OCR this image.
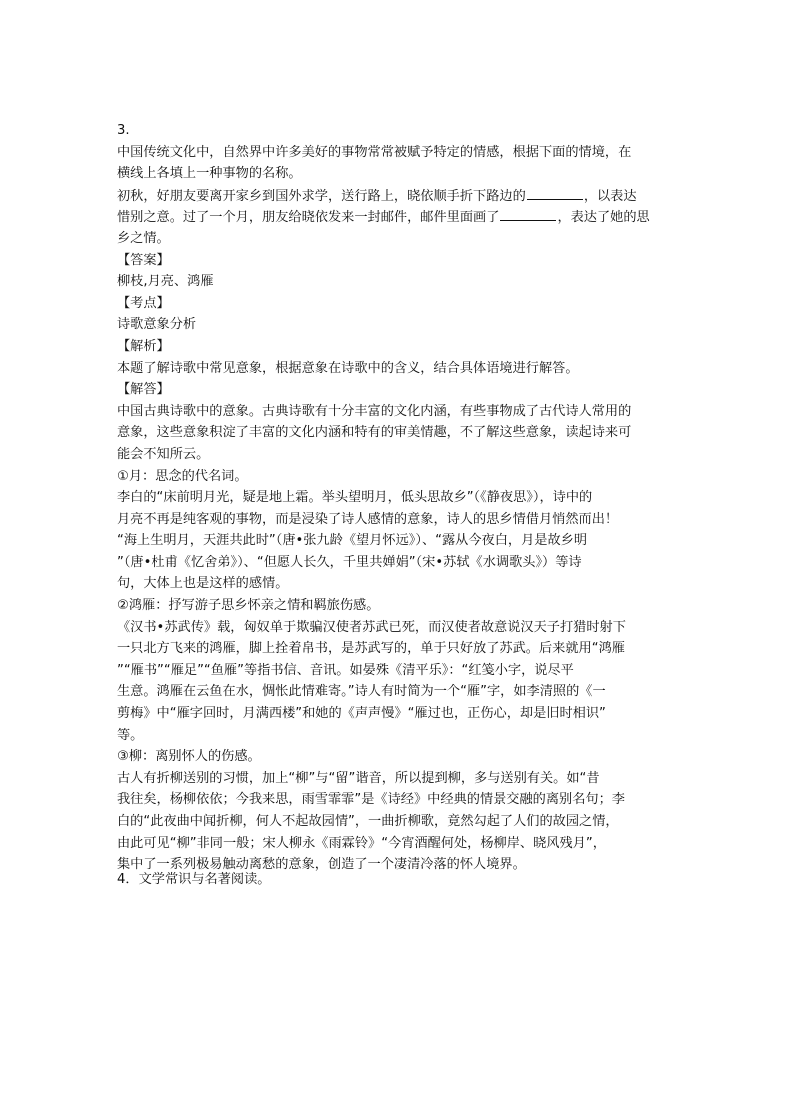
3.
中国传统文化中，自然界中许多美好的事物常常被赋予特定的情感，根据下面的情境，在
横线上各填上一种事物的名称。
初秋，好朋友要离开家乡到国外求学，送行路上，晓依顺手折下路边的	，以表达
惜别之意。过了一个月，朋友给晓依发来一封邮件，邮件里面画了	，表达了她的思
乡之情。
【答案】
柳枝,月亮、鸿雁
【考点】
诗歌意象分析
【解析】
本题了解诗歌中常见意象，根据意象在诗歌中的含义，结合具体语境进行解答。
【解答】
中国古典诗歌中的意象。古典诗歌有十分丰富的文化内涵，有些事物成了古代诗人常用的
意象，这些意象积淀了丰富的文化内涵和特有的审美情趣，不了解这些意象，读起诗来可
能会不知所云。
①月：思念的代名词。
李白的“床前明月光，疑是地上霜。举头望明月，低头思故乡”（《静夜思》），诗中的
月亮不再是纯客观的事物，而是浸染了诗人感情的意象，诗人的思乡情借月悄然而出！
“海上生明月，天涯共此时”（唐•张九龄《望月怀远》）、“露从今夜白，月是故乡明
”（唐•杜甫《忆舍弟》）、“但愿人长久，千里共婵娟”（宋•苏轼《水调歌头》）等诗
句，大体上也是这样的感情。
②鸿雁：抒写游子思乡怀亲之情和羁旅伤感。
《汉书•苏武传》载，匈奴单于欺骗汉使者苏武已死，而汉使者故意说汉天子打猎时射下
一只北方飞来的鸿雁，脚上拴着帛书，是苏武写的，单于只好放了苏武。后来就用“鸿雁
”“雁书”“雁足”“鱼雁”等指书信、音讯。如晏殊《清平乐》：“红笺小字，说尽平
生意。鸿雁在云鱼在水，惆怅此情难寄。”诗人有时简为一个“雁”字，如李清照的《一
剪梅》中“雁字回时，月满西楼”和她的《声声慢》“雁过也，正伤心，却是旧时相识”
等。
③柳：离别怀人的伤感。
古人有折柳送别的习惯，加上“柳”与“留”谐音，所以提到柳，多与送别有关。如“昔
我往矣，杨柳依依；今我来思，雨雪霏霏”是《诗经》中经典的情景交融的离别名句；李
白的“此夜曲中闻折柳，何人不起故园情”，一曲折柳歌，竟然勾起了人们的故园之情，
由此可见“柳”非同一般；宋人柳永《雨霖铃》“今宵酒醒何处，杨柳岸、晓风残月”，
集中了一系列极易触动离愁的意象，创造了一个凄清冷落的怀人境界。
4．文学常识与名著阅读。
